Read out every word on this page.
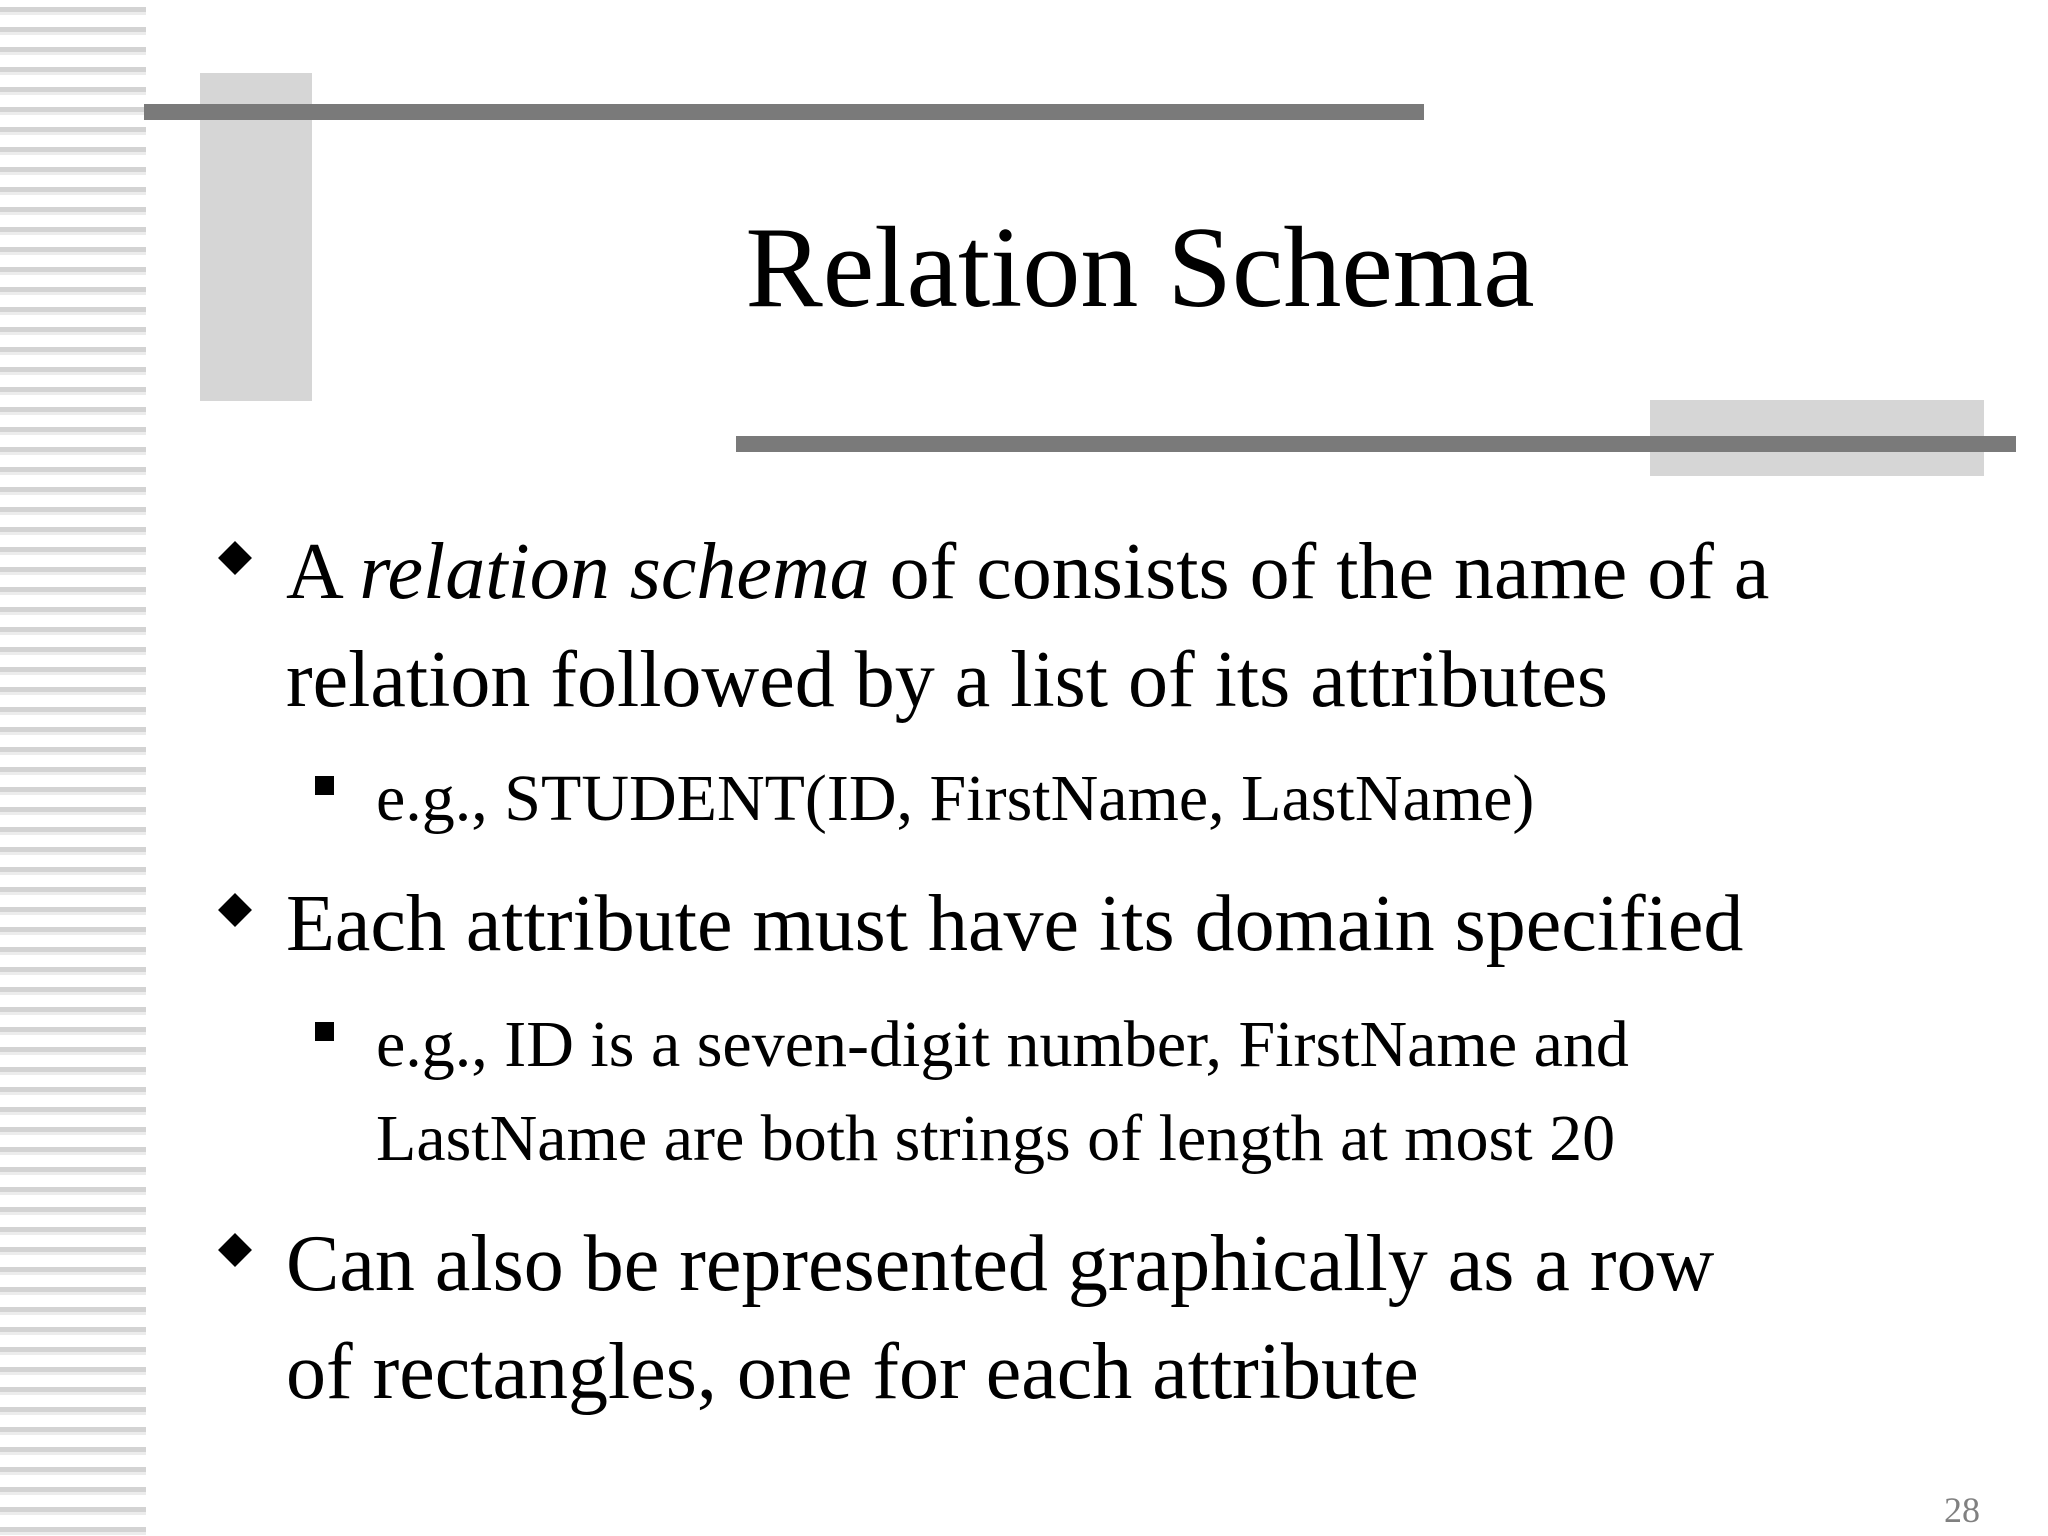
Relation Schema
A relation schema of consists of the name of a
relation followed by a list of its attributes
e.g., STUDENT(ID, FirstName, LastName)
Each attribute must have its domain specified
e.g., ID is a seven-digit number, FirstName and
LastName are both strings of length at most 20
Can also be represented graphically as a row
of rectangles, one for each attribute
28
